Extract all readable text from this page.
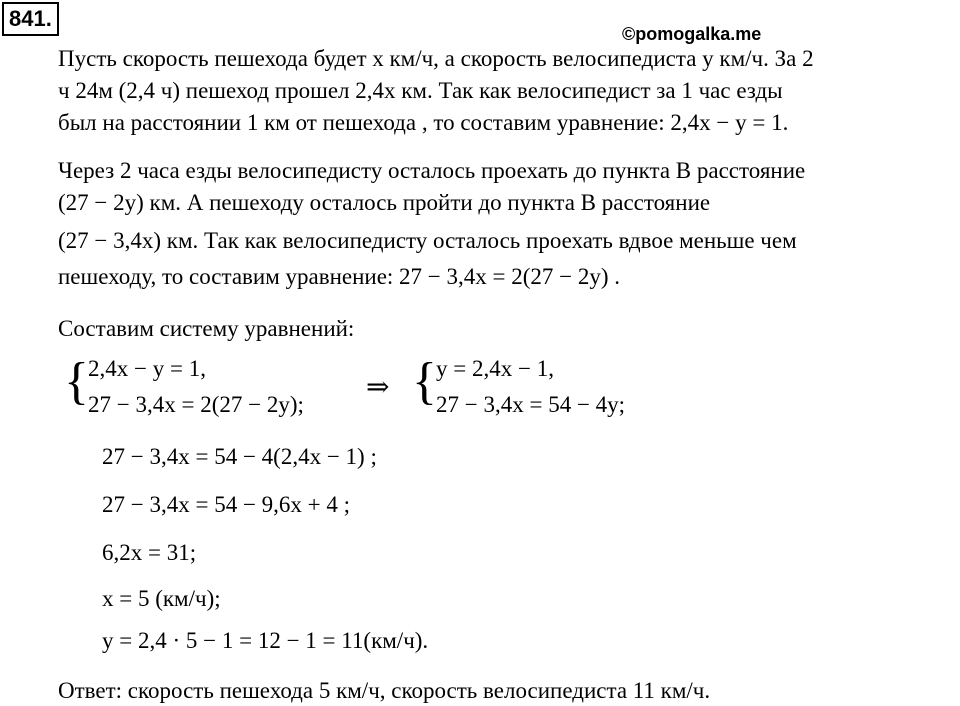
841.
©pomogalka.me
Пусть скорость пешехода будет x км/ч, а скорость велосипедиста y км/ч. За 2
ч 24м (2,4 ч) пешеход прошел 2,4x км. Так как велосипедист за 1 час езды
был на расстоянии 1 км от пешехода , то составим уравнение: 2,4x − y = 1.
Через 2 часа езды велосипедисту осталось проехать до пункта B расстояние
(27 − 2y) км. А пешеходу осталось пройти до пункта B расстояние
(27 − 3,4x) км. Так как велосипедисту осталось проехать вдвое меньше чем
пешеходу, то составим уравнение: 27 − 3,4x = 2(27 − 2y) .
Составим систему уравнений:
{ 2,4x − y = 1,
27 − 3,4x = 2(27 − 2y);
⇒ { y = 2,4x − 1,
27 − 3,4x = 54 − 4y;
27 − 3,4x = 54 − 4(2,4x − 1) ;
27 − 3,4x = 54 − 9,6x + 4 ;
6,2x = 31;
x = 5 (км/ч);
y = 2,4 · 5 − 1 = 12 − 1 = 11(км/ч).
Ответ: скорость пешехода 5 км/ч, скорость велосипедиста 11 км/ч.
